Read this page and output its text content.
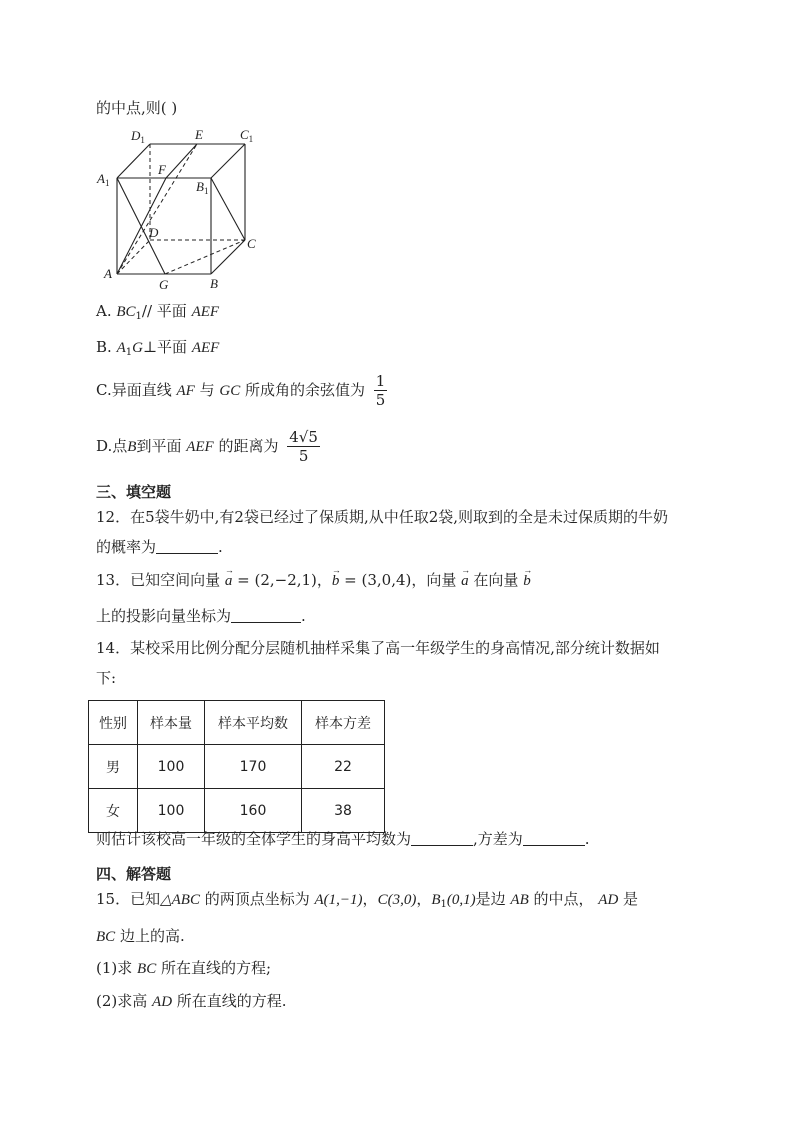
的中点,则( )
$D_1$	E	$C_1$
$A_1$
F
$B_1$
D
C
A
G	B
A. $BC_1//$ 平面 AEF
B. $A_1G\perp$平面 AEF
C.异面直线 AF 与 GC 所成角的余弦值为 $\frac{1}{5}$
D.点B到平面 AEF 的距离为 $\frac{4√5}{5}$
三、填空题
12．在5袋牛奶中,有2袋已经过了保质期,从中任取2袋,则取到的全是未过保质期的牛奶
的概率为	.
13．已知空间向量 → a = (2,−2,1)，→ b = (3,0,4)，向量 → a 在向量 → b
上的投影向量坐标为	.
14．某校采用比例分配分层随机抽样采集了高一年级学生的身高情况,部分统计数据如
下:
性别	样本量	样本平均数	样本方差
男	100	170	22
女	100	160	38
则估计该校高一年级的全体学生的身高平均数为	,方差为	.
四、解答题
15．已知△ABC 的两顶点坐标为 A(1,−1)，C(3,0)，$B_1(0,1)$是边 AB 的中点， AD 是
BC 边上的高.
(1)求 BC 所在直线的方程;
(2)求高 AD 所在直线的方程.
